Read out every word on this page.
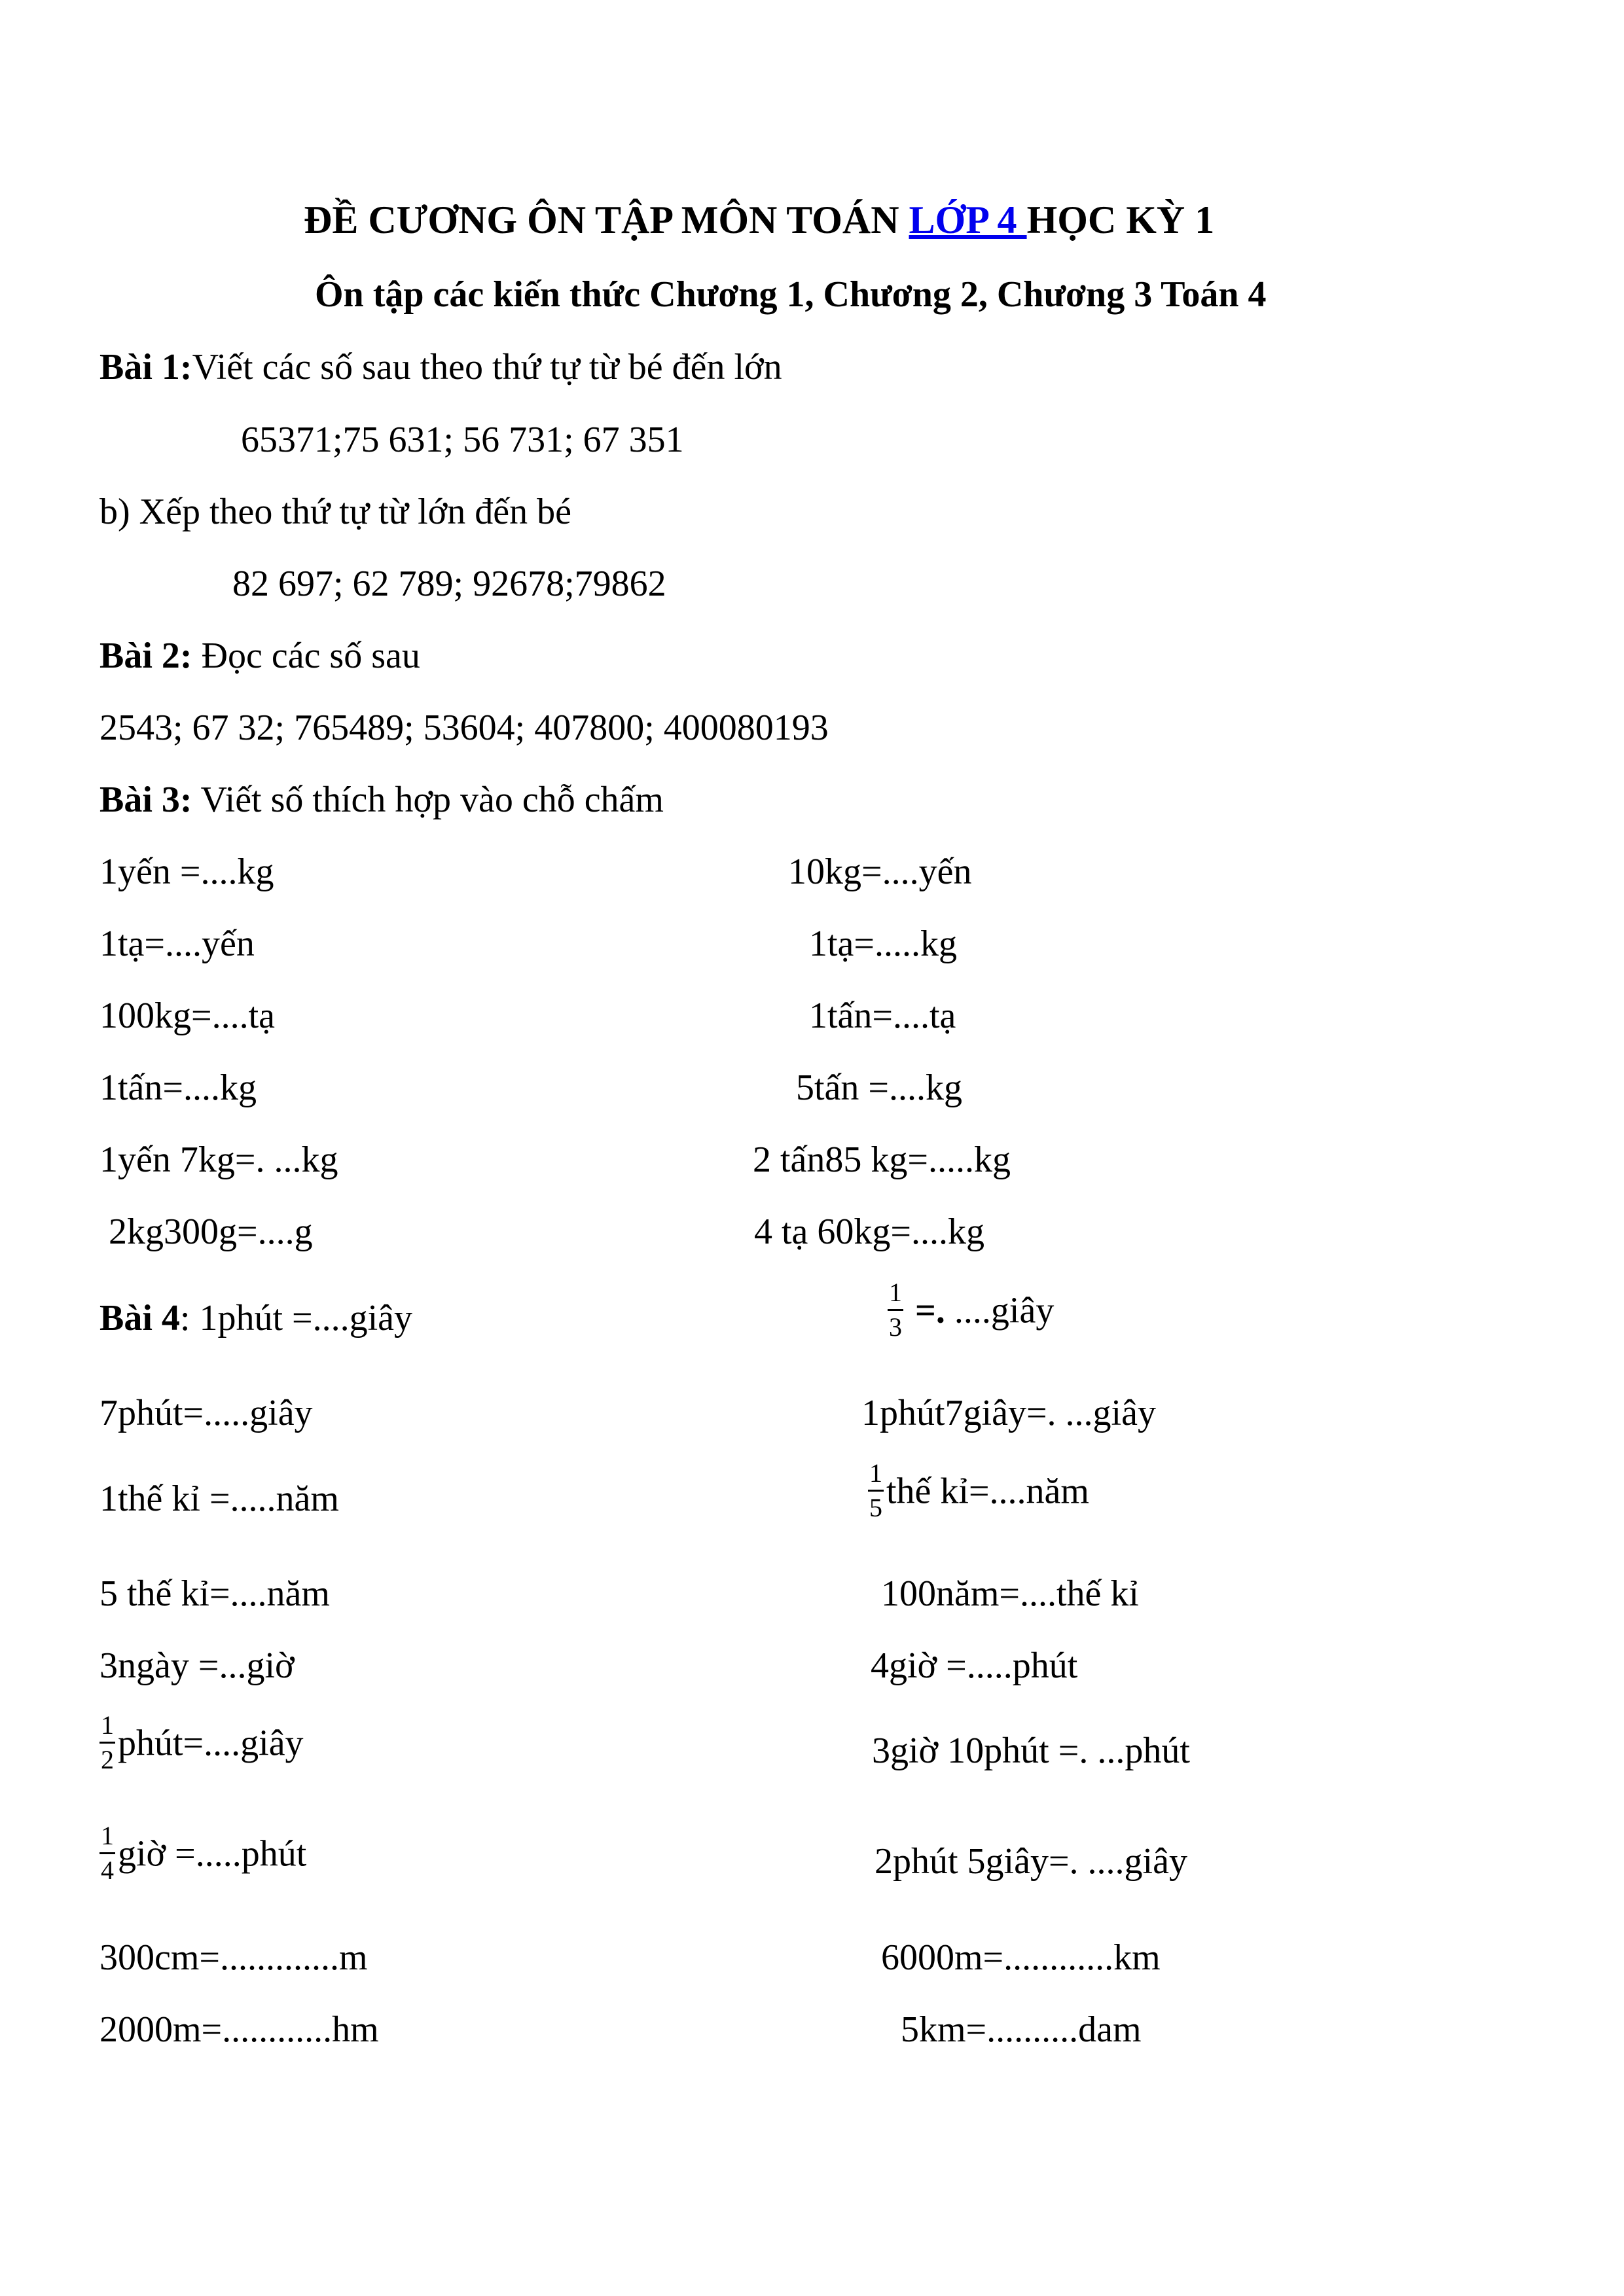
ĐỀ CƯƠNG ÔN TẬP MÔN TOÁN LỚP 4 HỌC KỲ 1
Ôn tập các kiến thức Chương 1, Chương 2, Chương 3 Toán 4
Bài 1:Viết các số sau theo thứ tự từ bé đến lớn
65371;75 631; 56 731; 67 351
b) Xếp theo thứ tự từ lớn đến bé
82 697; 62 789; 92678;79862
Bài 2: Đọc các số sau
2543; 67 32; 765489; 53604; 407800; 400080193
Bài 3: Viết số thích hợp vào chỗ chấm
1yến =....kg	10kg=....yến
1tạ=....yến	1tạ=.....kg
100kg=....tạ	1tấn=....tạ
1tấn=....kg	5tấn =....kg
1yến 7kg=. ...kg	2 tấn85 kg=.....kg
2kg300g=....g	4 tạ 60kg=....kg
Bài 4: 1phút =....giây	$\frac{1}{3}$ =. ....giây
7phút=.....giây	1phút7giây=. ...giây
1thế kỉ =.....năm	$\frac{1}{5}$ thế kỉ=....năm
5 thế kỉ=....năm	100năm=....thế kỉ
3ngày =...giờ	4giờ =.....phút
$\frac{1}{2}$ phút=....giây	3giờ 10phút =. ...phút
$\frac{1}{4}$ giờ =.....phút	2phút 5giây=. ....giây
300cm=.............m	6000m=............km
2000m=............hm	5km=..........dam
